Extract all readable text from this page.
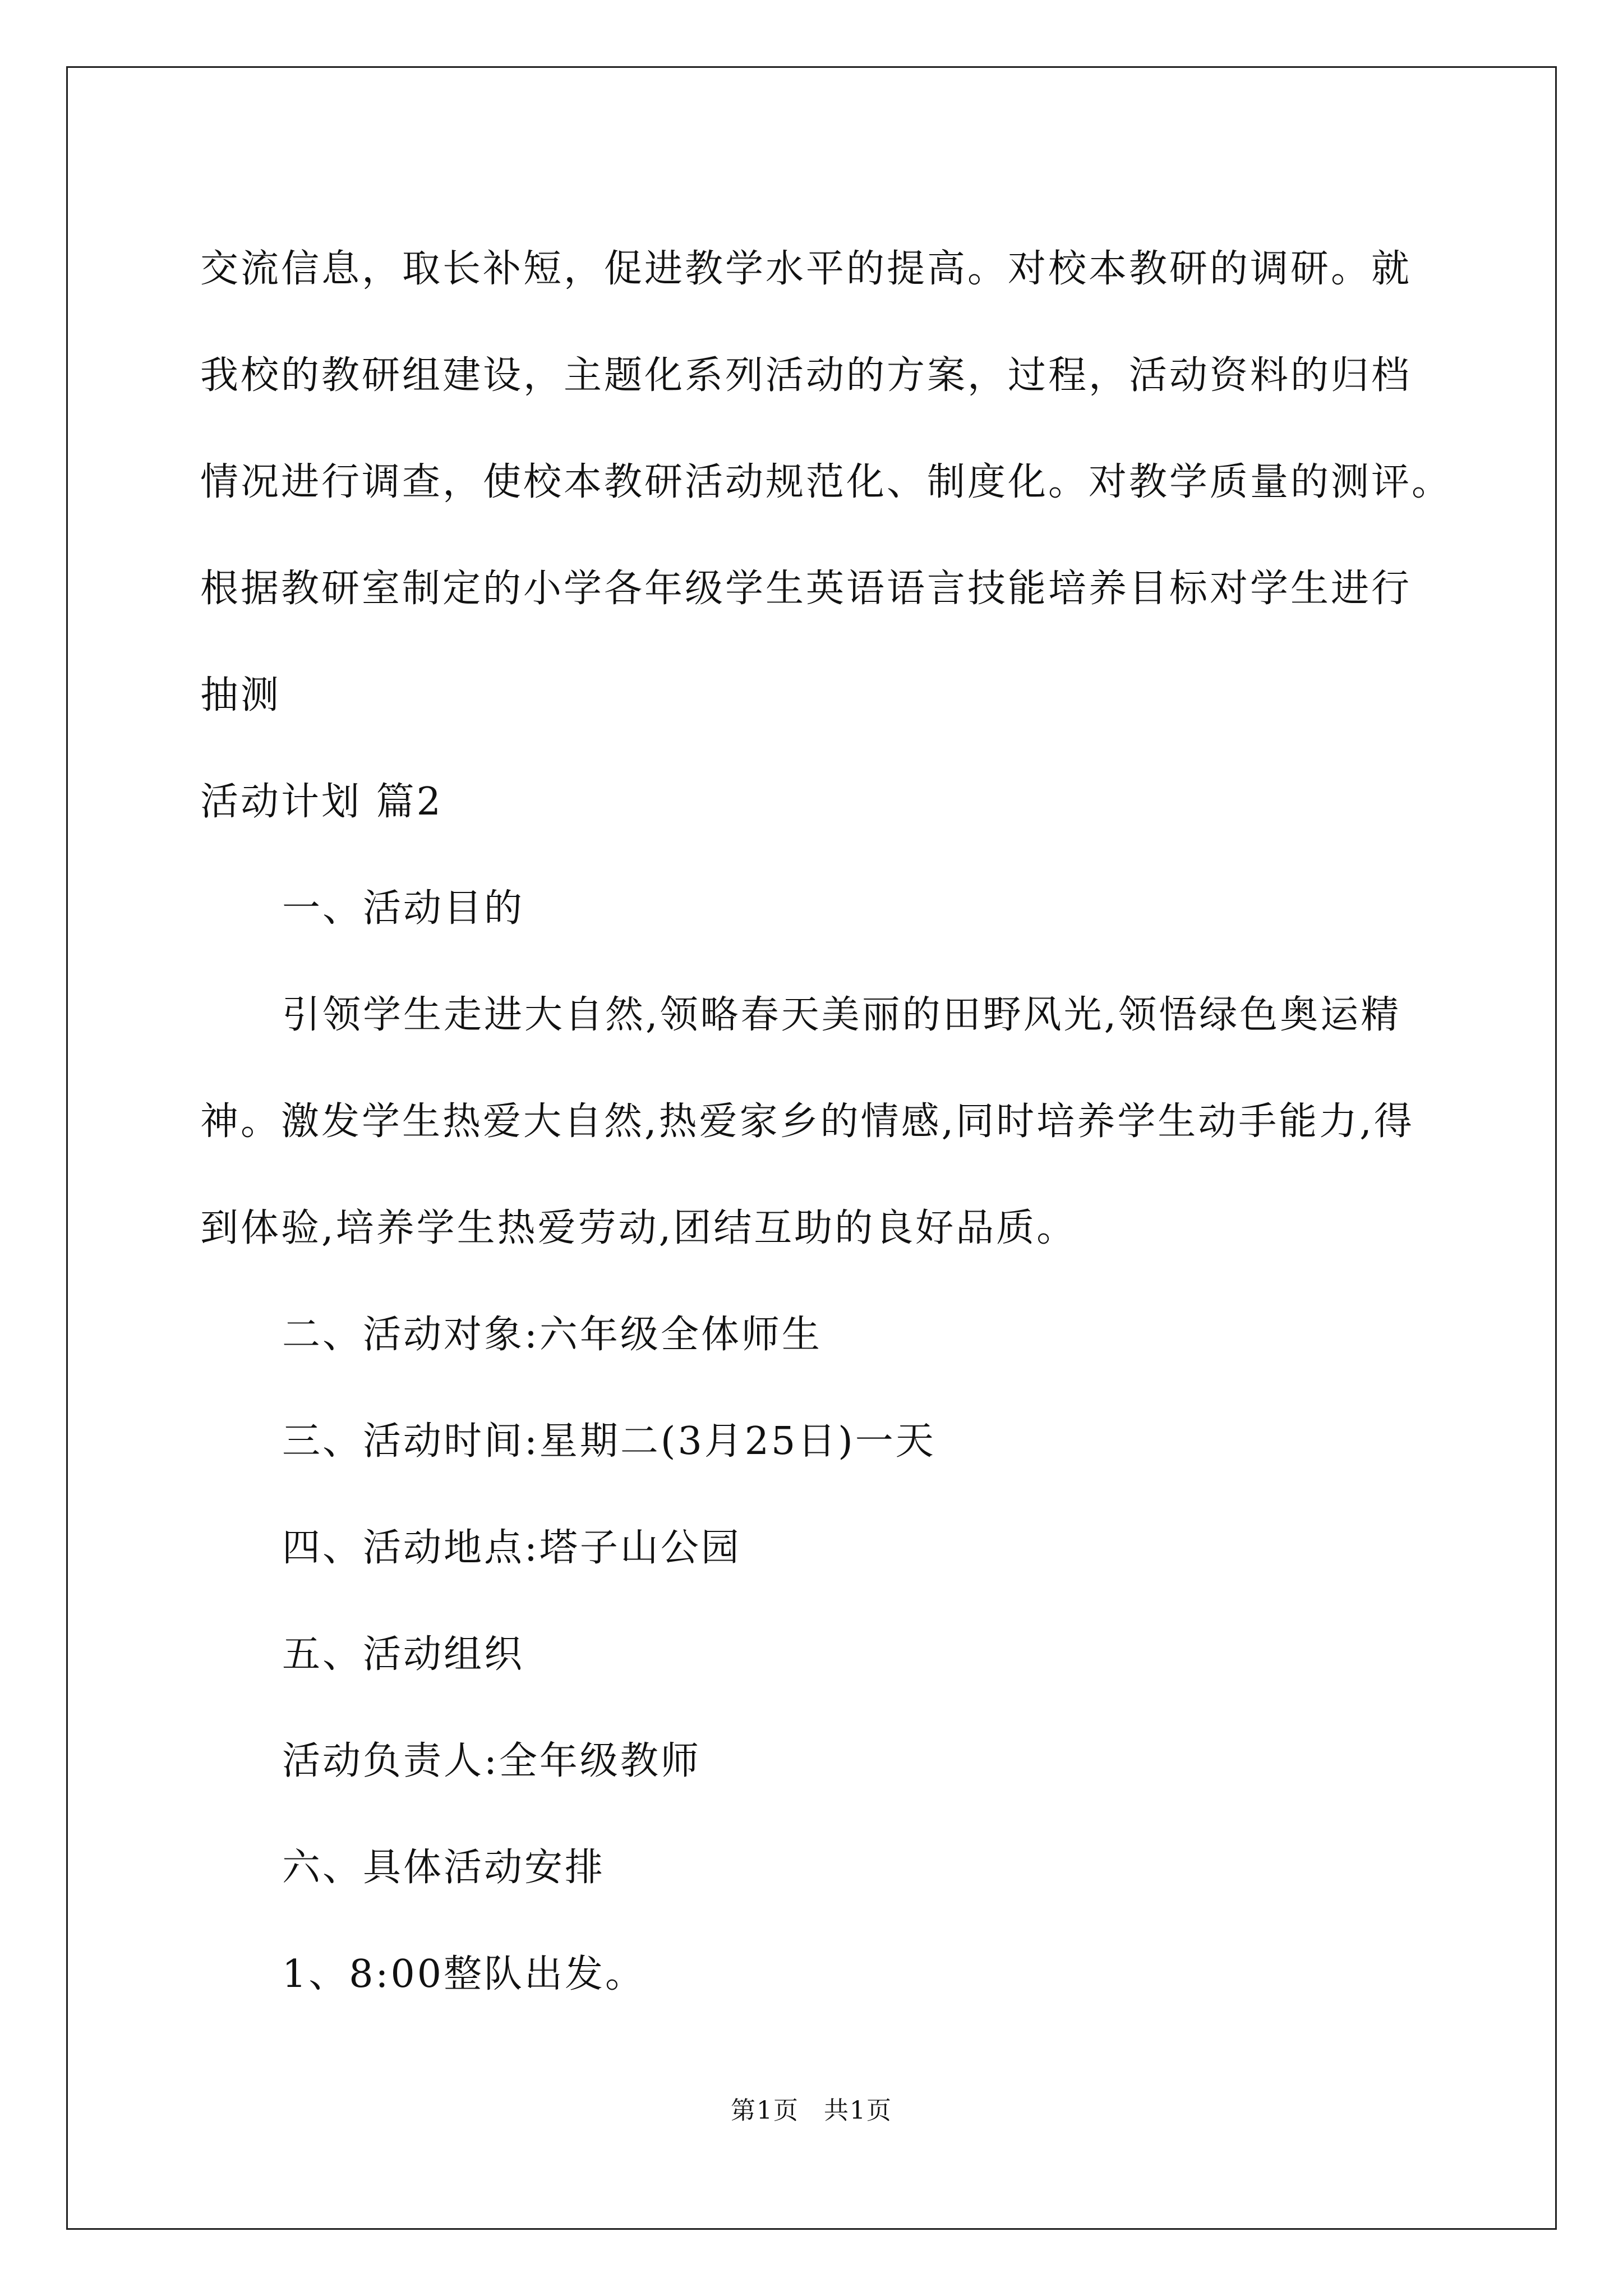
交流信息，取长补短，促进教学水平的提高。对校本教研的调研。就
我校的教研组建设，主题化系列活动的方案，过程，活动资料的归档
情况进行调查，使校本教研活动规范化、制度化。对教学质量的测评。
根据教研室制定的小学各年级学生英语语言技能培养目标对学生进行
抽测
活动计划 篇2
一、活动目的
引领学生走进大自然,领略春天美丽的田野风光,领悟绿色奥运精
神。激发学生热爱大自然,热爱家乡的情感,同时培养学生动手能力,得
到体验,培养学生热爱劳动,团结互助的良好品质。
二、活动对象:六年级全体师生
三、活动时间:星期二(3月25日)一天
四、活动地点:塔子山公园
五、活动组织
活动负责人:全年级教师
六、具体活动安排
1、8:00整队出发。
第1页 共1页
